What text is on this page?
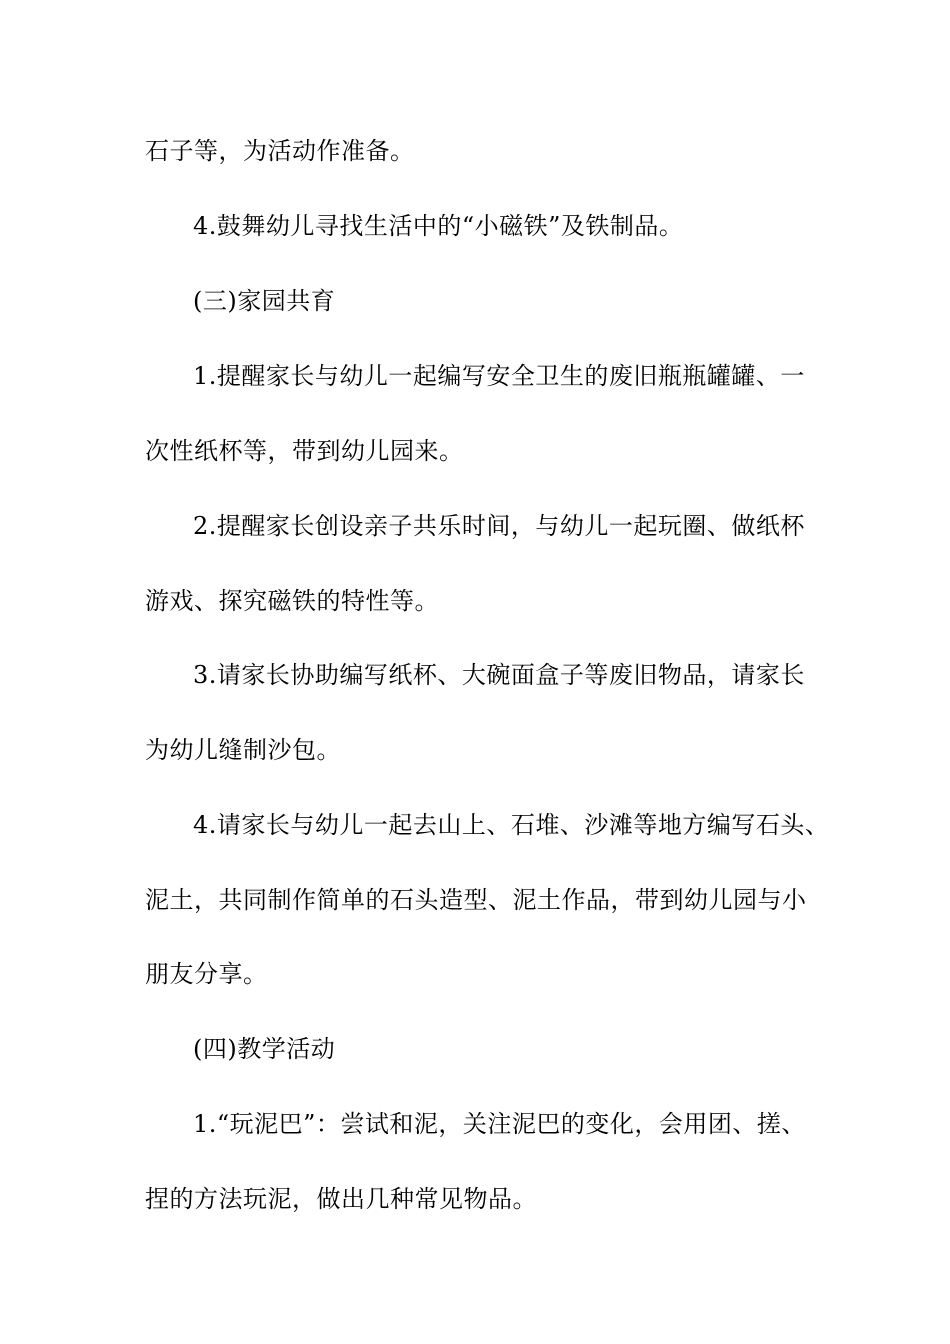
石子等，为活动作准备。
4.鼓舞幼儿寻找生活中的“小磁铁”及铁制品。
(三)家园共育
1.提醒家长与幼儿一起编写安全卫生的废旧瓶瓶罐罐、一
次性纸杯等，带到幼儿园来。
2.提醒家长创设亲子共乐时间，与幼儿一起玩圈、做纸杯
游戏、探究磁铁的特性等。
3.请家长协助编写纸杯、大碗面盒子等废旧物品，请家长
为幼儿缝制沙包。
4.请家长与幼儿一起去山上、石堆、沙滩等地方编写石头、
泥土，共同制作简单的石头造型、泥土作品，带到幼儿园与小
朋友分享。
(四)教学活动
1.“玩泥巴”：尝试和泥，关注泥巴的变化，会用团、搓、
捏的方法玩泥，做出几种常见物品。
